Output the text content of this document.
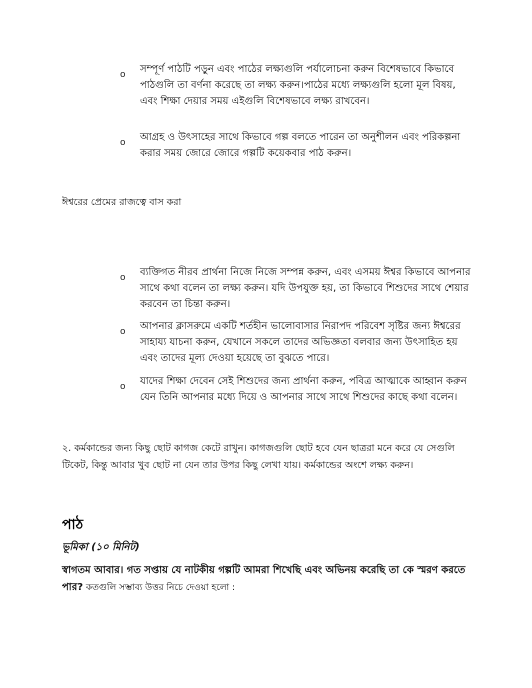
o সম্পূর্ণ পাঠটি পড়ুন এবং পাঠের লক্ষ্যগুলি পর্যালোচনা করুন বিশেষভাবে কিভাবে পাঠগুলি তা বর্ণনা করেছে তা লক্ষ্য করুন।পাঠের মধ্যে লক্ষ্যগুলি হলো মূল বিষয়, এবং শিক্ষা দেয়ার সময় এইগুলি বিশেষভাবে লক্ষ্য রাখবেন।
o আগ্রহ ও উৎসাহের সাথে কিভাবে গল্প বলতে পারেন তা অনুশীলন এবং পরিকল্পনা করার সময় জোরে জোরে গল্পটি কয়েকবার পাঠ করুন।
ঈশ্বরের প্রেমের রাজত্বে বাস করা
o ব্যক্তিগত নীরব প্রার্থনা নিজে নিজে সম্পন্ন করুন, এবং এসময় ঈশ্বর কিভাবে আপনার সাথে কথা বলেন তা লক্ষ্য করুন। যদি উপযুক্ত হয়, তা কিভাবে শিশুদের সাথে শেয়ার করবেন তা চিন্তা করুন।
o আপনার ক্লাসরুমে একটি শর্তহীন ভালোবাসার নিরাপদ পরিবেশ সৃষ্টির জন্য ঈশ্বরের সাহায্য যাচনা করুন, যেখানে সকলে তাদের অভিজ্ঞতা বলবার জন্য উৎসাহিত হয় এবং তাদের মূল্য দেওয়া হয়েছে তা বুঝতে পারে।
o যাদের শিক্ষা দেবেন সেই শিশুদের জন্য প্রার্থনা করুন, পবিত্র আত্মাকে আহ্বান করুন যেন তিনি আপনার মধ্যে দিয়ে ও আপনার সাথে সাথে শিশুদের কাছে কথা বলেন।
২. কর্মকান্ডের জন্য কিছু ছোট কাগজ কেটে রাখুন। কাগজগুলি ছোট হবে যেন ছাত্ররা মনে করে যে সেগুলি টিকেট, কিন্তু আবার খুব ছোট না যেন তার উপর কিছু লেখা যায়। কর্মকান্ডের অংশে লক্ষ্য করুন।
পাঠ
ভূমিকা (১০ মিনিট)
স্বাগতম আবার। গত সপ্তায় যে নাটকীয় গল্পটি আমরা শিখেছি এবং অভিনয় করেছি তা কে স্মরণ করতে পার? কতগুলি সম্ভাব্য উত্তর নিচে দেওয়া হলো :
